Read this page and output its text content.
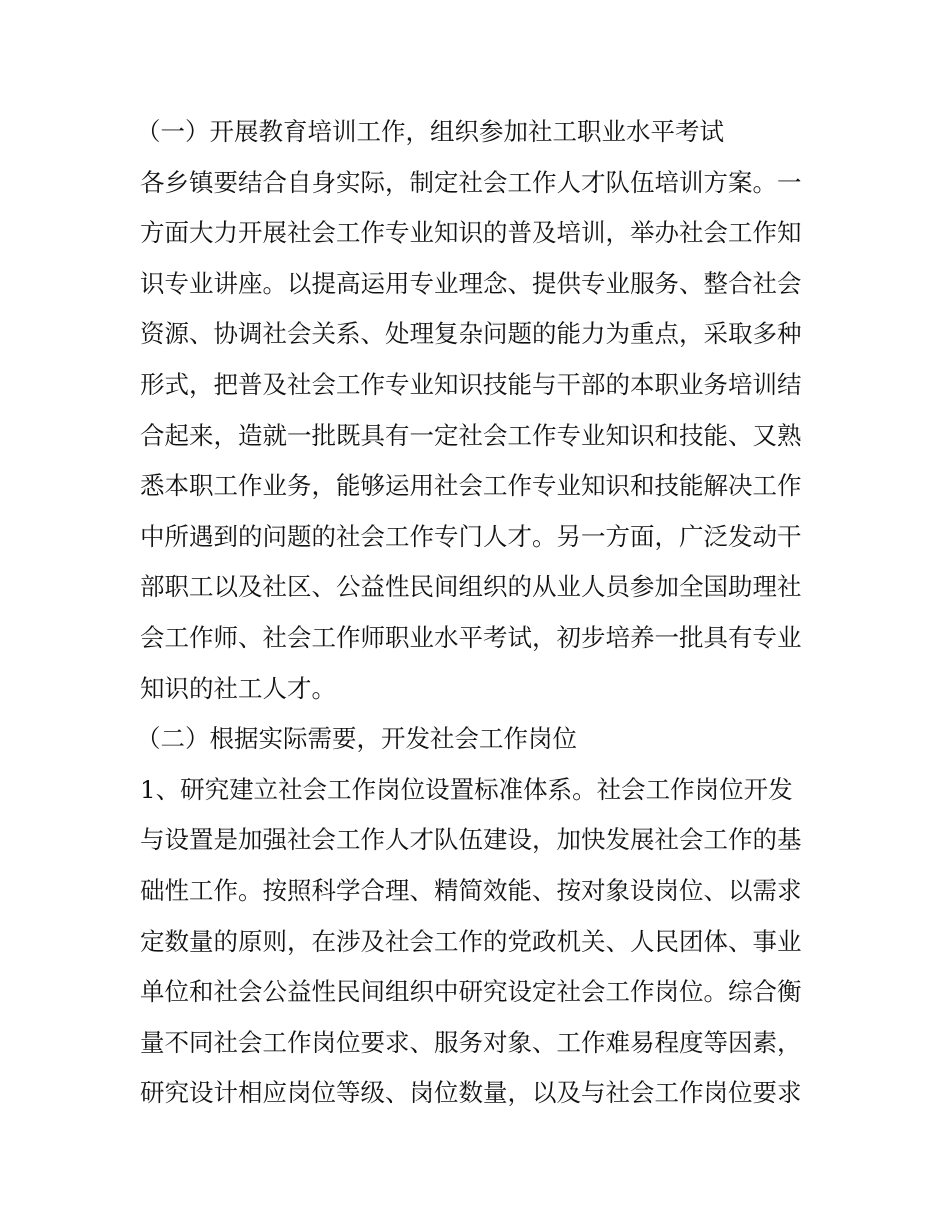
（一）开展教育培训工作，组织参加社工职业水平考试
各乡镇要结合自身实际，制定社会工作人才队伍培训方案。一
方面大力开展社会工作专业知识的普及培训，举办社会工作知
识专业讲座。以提高运用专业理念、提供专业服务、整合社会
资源、协调社会关系、处理复杂问题的能力为重点，采取多种
形式，把普及社会工作专业知识技能与干部的本职业务培训结
合起来，造就一批既具有一定社会工作专业知识和技能、又熟
悉本职工作业务，能够运用社会工作专业知识和技能解决工作
中所遇到的问题的社会工作专门人才。另一方面，广泛发动干
部职工以及社区、公益性民间组织的从业人员参加全国助理社
会工作师、社会工作师职业水平考试，初步培养一批具有专业
知识的社工人才。
（二）根据实际需要，开发社会工作岗位
1、研究建立社会工作岗位设置标准体系。社会工作岗位开发
与设置是加强社会工作人才队伍建设，加快发展社会工作的基
础性工作。按照科学合理、精简效能、按对象设岗位、以需求
定数量的原则，在涉及社会工作的党政机关、人民团体、事业
单位和社会公益性民间组织中研究设定社会工作岗位。综合衡
量不同社会工作岗位要求、服务对象、工作难易程度等因素，
研究设计相应岗位等级、岗位数量，以及与社会工作岗位要求
